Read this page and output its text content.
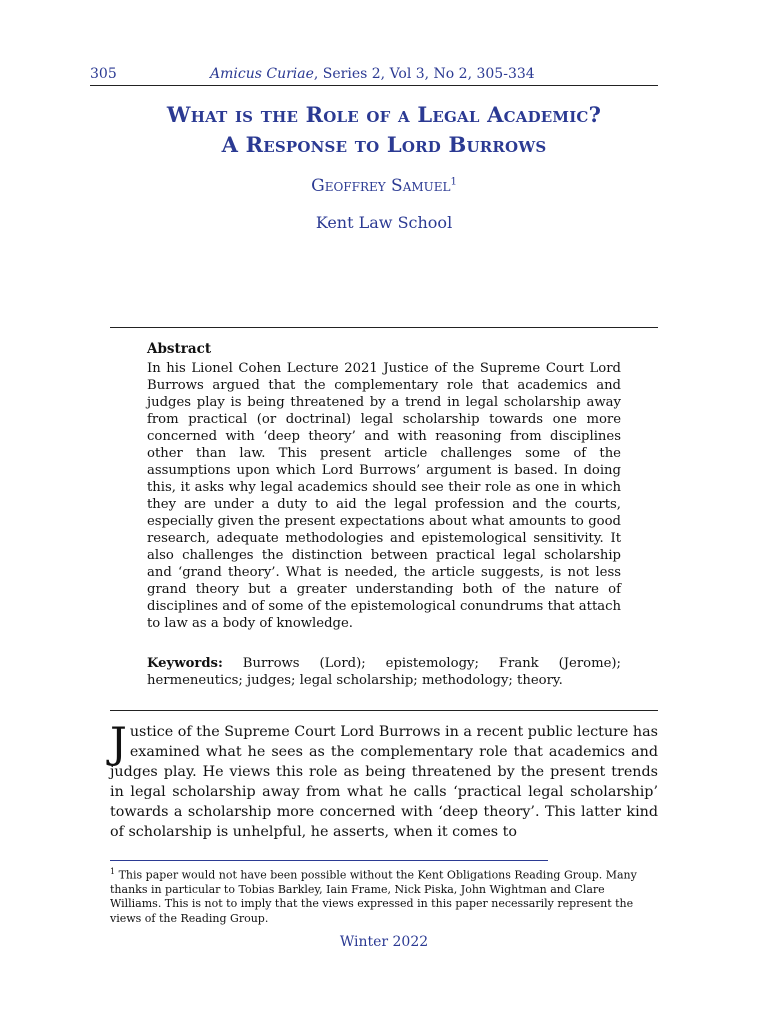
305	Amicus Curiae, Series 2, Vol 3, No 2, 305-334
What is the Role of a Legal Academic?
A Response to Lord Burrows
Geoffrey Samuel$^1$
Kent Law School
Abstract
In his Lionel Cohen Lecture 2021 Justice of the Supreme Court Lord Burrows argued that the complementary role that academics and judges play is being threatened by a trend in legal scholarship away from practical (or doctrinal) legal scholarship towards one more concerned with ‘deep theory’ and with reasoning from disciplines other than law. This present article challenges some of the assumptions upon which Lord Burrows’ argument is based. In doing this, it asks why legal academics should see their role as one in which they are under a duty to aid the legal profession and the courts, especially given the present expectations about what amounts to good research, adequate methodologies and epistemological sensitivity. It also challenges the distinction between practical legal scholarship and ‘grand theory’. What is needed, the article suggests, is not less grand theory but a greater understanding both of the nature of disciplines and of some of the epistemological conundrums that attach to law as a body of knowledge.
Keywords: Burrows (Lord); epistemology; Frank (Jerome); hermeneutics; judges; legal scholarship; methodology; theory.
Justice of the Supreme Court Lord Burrows in a recent public lecture has examined what he sees as the complementary role that academics and judges play. He views this role as being threatened by the present trends in legal scholarship away from what he calls ‘practical legal scholarship’ towards a scholarship more concerned with ‘deep theory’. This latter kind of scholarship is unhelpful, he asserts, when it comes to
$^1$ This paper would not have been possible without the Kent Obligations Reading Group. Many thanks in particular to Tobias Barkley, Iain Frame, Nick Piska, John Wightman and Clare Williams. This is not to imply that the views expressed in this paper necessarily represent the views of the Reading Group.
Winter 2022
